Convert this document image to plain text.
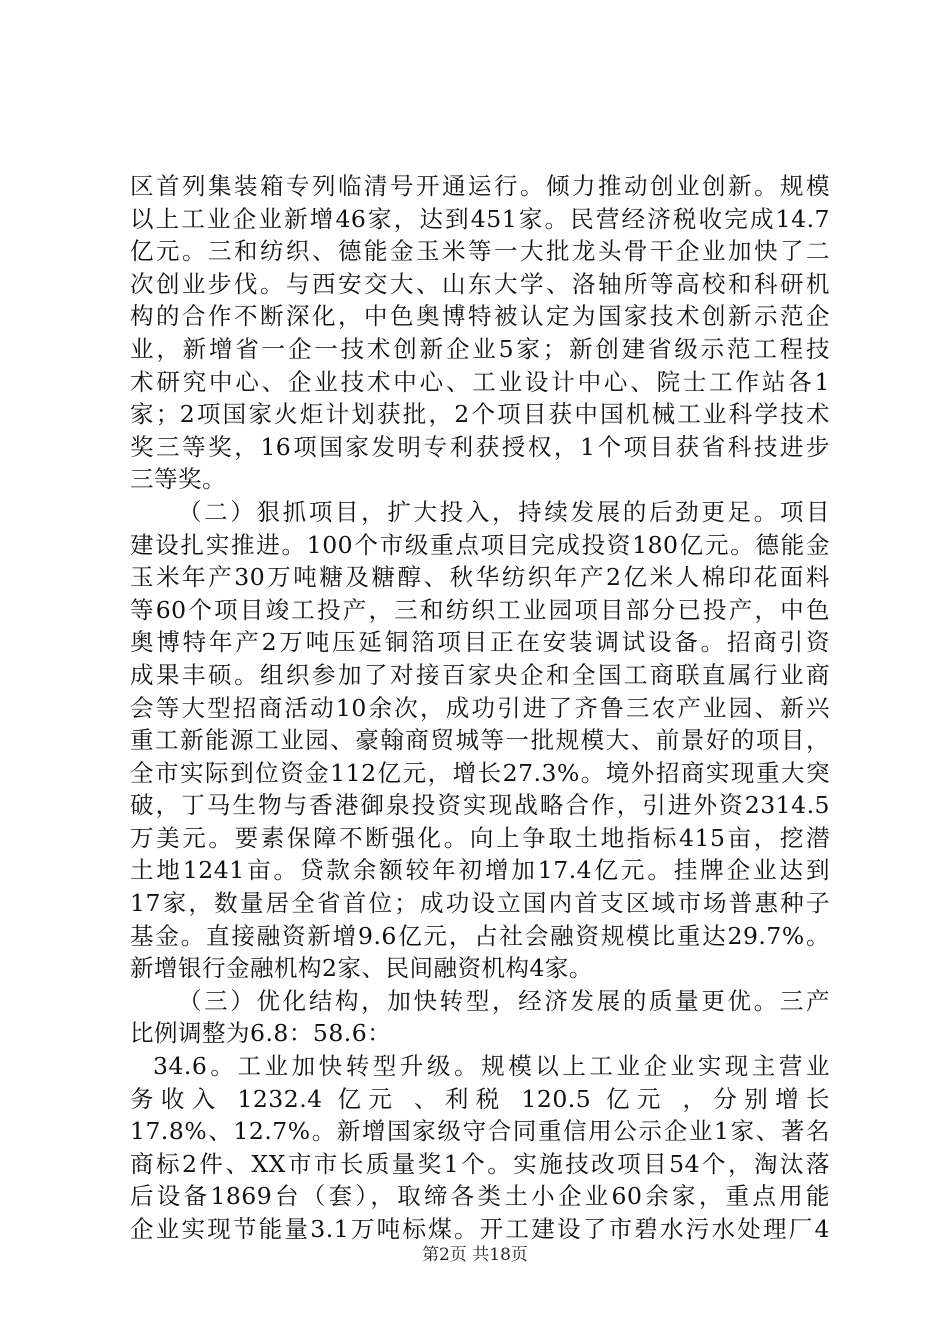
区首列集装箱专列临清号开通运行。倾力推动创业创新。规模
以上工业企业新增46家，达到451家。民营经济税收完成14.7
亿元。三和纺织、德能金玉米等一大批龙头骨干企业加快了二
次创业步伐。与西安交大、山东大学、洛轴所等高校和科研机
构的合作不断深化，中色奥博特被认定为国家技术创新示范企
业，新增省一企一技术创新企业5家；新创建省级示范工程技
术研究中心、企业技术中心、工业设计中心、院士工作站各1
家；2项国家火炬计划获批，2个项目获中国机械工业科学技术
奖三等奖，16项国家发明专利获授权，1个项目获省科技进步
三等奖。
（二）狠抓项目，扩大投入，持续发展的后劲更足。项目
建设扎实推进。100个市级重点项目完成投资180亿元。德能金
玉米年产30万吨糖及糖醇、秋华纺织年产2亿米人棉印花面料
等60个项目竣工投产，三和纺织工业园项目部分已投产，中色
奥博特年产2万吨压延铜箔项目正在安装调试设备。招商引资
成果丰硕。组织参加了对接百家央企和全国工商联直属行业商
会等大型招商活动10余次，成功引进了齐鲁三农产业园、新兴
重工新能源工业园、豪翰商贸城等一批规模大、前景好的项目，
全市实际到位资金112亿元，增长27.3%。境外招商实现重大突
破，丁马生物与香港御泉投资实现战略合作，引进外资2314.5
万美元。要素保障不断强化。向上争取土地指标415亩，挖潜
土地1241亩。贷款余额较年初增加17.4亿元。挂牌企业达到
17家，数量居全省首位；成功设立国内首支区域市场普惠种子
基金。直接融资新增9.6亿元，占社会融资规模比重达29.7%。
新增银行金融机构2家、民间融资机构4家。
（三）优化结构，加快转型，经济发展的质量更优。三产
比例调整为6.8：58.6：
34.6。工业加快转型升级。规模以上工业企业实现主营业
务收入 1232.4 亿元 、利税 120.5 亿元 ，分别增长
17.8%、12.7%。新增国家级守合同重信用公示企业1家、著名
商标2件、XX市市长质量奖1个。实施技改项目54个，淘汰落
后设备1869台（套），取缔各类土小企业60余家，重点用能
企业实现节能量3.1万吨标煤。开工建设了市碧水污水处理厂4
第2页 共18页
